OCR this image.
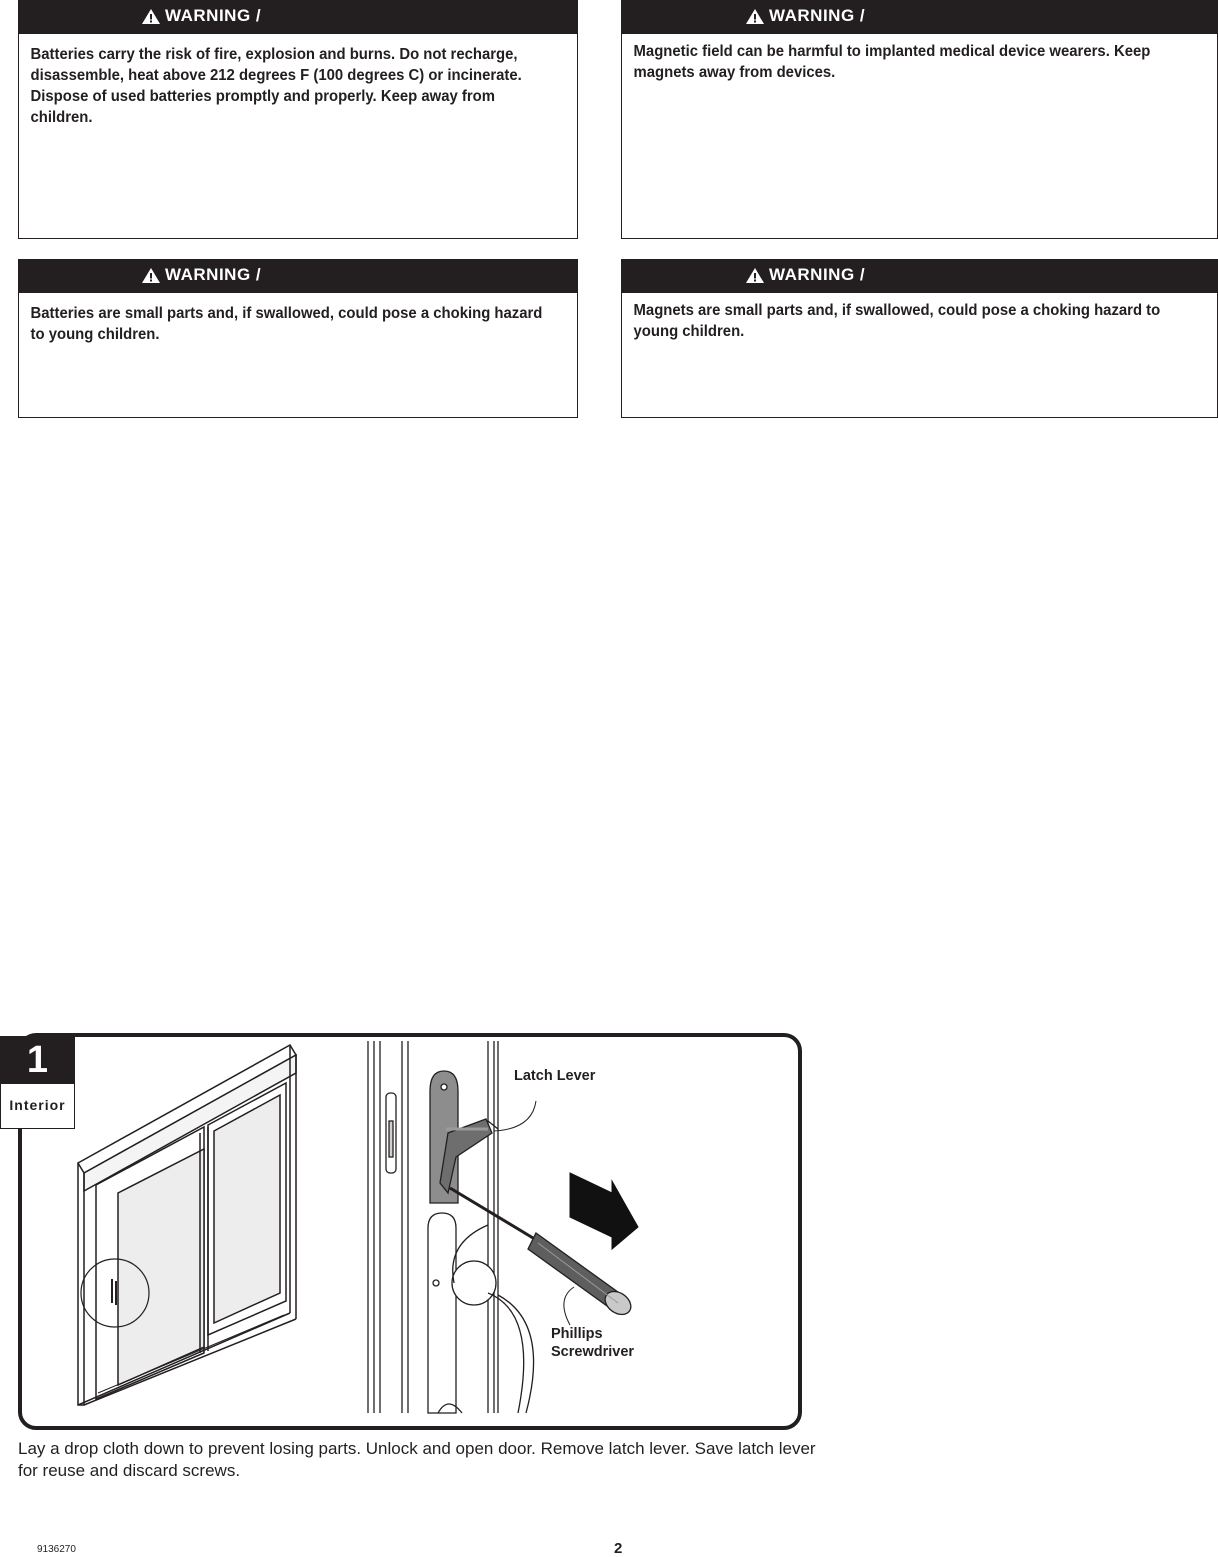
WARNING /
Batteries carry the risk of fire, explosion and burns. Do not recharge, disassemble, heat above 212 degrees F (100 degrees C) or incinerate. Dispose of used batteries promptly and properly. Keep away from children.
WARNING /
Magnetic field can be harmful to implanted medical device wearers. Keep magnets away from devices.
WARNING /
Batteries are small parts and, if swallowed, could pose a choking hazard to young children.
WARNING /
Magnets are small parts and, if swallowed, could pose a choking hazard to young children.
Latch Lever
Phillips
Screwdriver
1
Interior
Lay a drop cloth down to prevent losing parts. Unlock and open door. Remove latch lever. Save latch lever for reuse and discard screws.
9136270	2
